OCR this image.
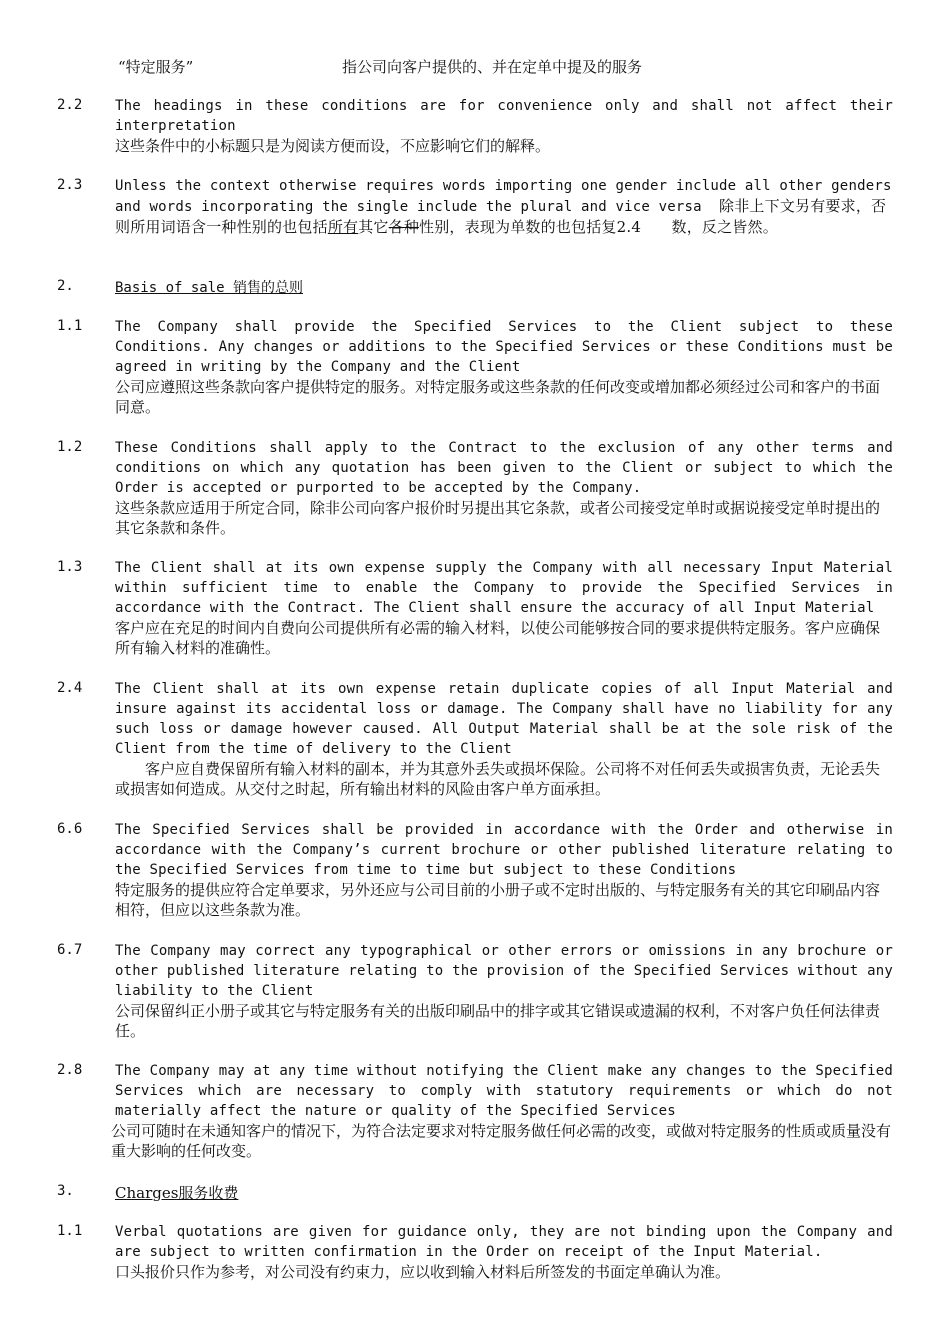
“特定服务”	指公司向客户提供的、并在定单中提及的服务
2.2 The headings in these conditions are for convenience only and shall not affect their interpretation

这些条件中的小标题只是为阅读方便而设，不应影响它们的解释。

2.3 Unless the context otherwise requires words importing one gender include all other genders and words incorporating the single include the plural and vice versa 除非上下文另有要求，否则所用词语含一种性别的也包括所有其它各种性别，表现为单数的也包括复2.4　　数，反之皆然。

2.	Basis of sale 销售的总则
1.1 The Company shall provide the Specified Services to the Client subject to these Conditions. Any changes or additions to the Specified Services or these Conditions must be agreed in writing by the Company and the Client

公司应遵照这些条款向客户提供特定的服务。对特定服务或这些条款的任何改变或增加都必须经过公司和客户的书面同意。

1.2 These Conditions shall apply to the Contract to the exclusion of any other terms and conditions on which any quotation has been given to the Client or subject to which the Order is accepted or purported to be accepted by the Company.

这些条款应适用于所定合同，除非公司向客户报价时另提出其它条款，或者公司接受定单时或据说接受定单时提出的其它条款和条件。

1.3 The Client shall at its own expense supply the Company with all necessary Input Material within sufficient time to enable the Company to provide the Specified Services in accordance with the Contract. The Client shall ensure the accuracy of all Input Material

客户应在充足的时间内自费向公司提供所有必需的输入材料，以使公司能够按合同的要求提供特定服务。客户应确保所有输入材料的准确性。

2.4 The Client shall at its own expense retain duplicate copies of all Input Material and insure against its accidental loss or damage. The Company shall have no liability for any such loss or damage however caused. All Output Material shall be at the sole risk of the Client from the time of delivery to the Client

　　客户应自费保留所有输入材料的副本，并为其意外丢失或损坏保险。公司将不对任何丢失或损害负责，无论丢失或损害如何造成。从交付之时起，所有输出材料的风险由客户单方面承担。

6.6 The Specified Services shall be provided in accordance with the Order and otherwise in accordance with the Company’s current brochure or other published literature relating to the Specified Services from time to time but subject to these Conditions

特定服务的提供应符合定单要求，另外还应与公司目前的小册子或不定时出版的、与特定服务有关的其它印刷品内容相符，但应以这些条款为准。

6.7 The Company may correct any typographical or other errors or omissions in any brochure or other published literature relating to the provision of the Specified Services without any liability to the Client

公司保留纠正小册子或其它与特定服务有关的出版印刷品中的排字或其它错误或遗漏的权利，不对客户负任何法律责任。

2.8 The Company may at any time without notifying the Client make any changes to the Specified Services which are necessary to comply with statutory requirements or which do not materially affect the nature or quality of the Specified Services

公司可随时在未通知客户的情况下，为符合法定要求对特定服务做任何必需的改变，或做对特定服务的性质或质量没有重大影响的任何改变。

3.	Charges服务收费
1.1 Verbal quotations are given for guidance only, they are not binding upon the Company and are subject to written confirmation in the Order on receipt of the Input Material.

口头报价只作为参考，对公司没有约束力，应以收到输入材料后所签发的书面定单确认为准。
